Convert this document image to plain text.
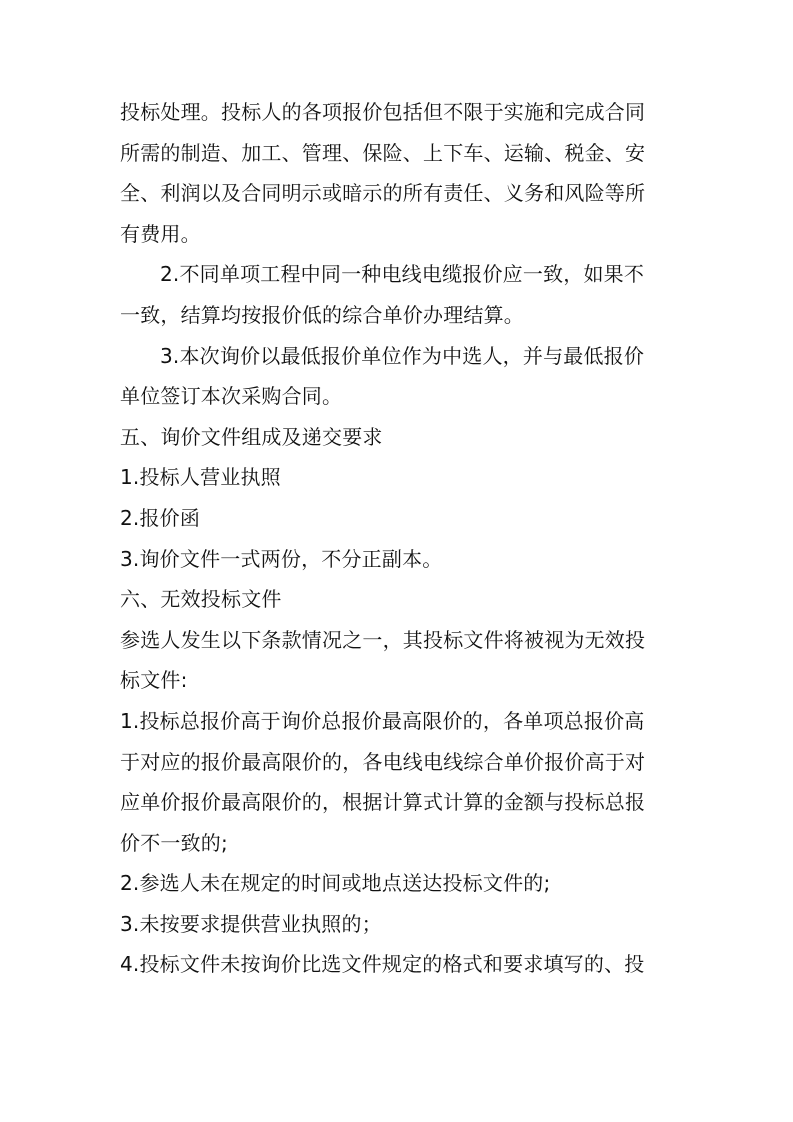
投标处理。投标人的各项报价包括但不限于实施和完成合同
所需的制造、加工、管理、保险、上下车、运输、税金、安
全、利润以及合同明示或暗示的所有责任、义务和风险等所
有费用。
2.不同单项工程中同一种电线电缆报价应一致，如果不
一致，结算均按报价低的综合单价办理结算。
3.本次询价以最低报价单位作为中选人，并与最低报价
单位签订本次采购合同。
五、询价文件组成及递交要求
1.投标人营业执照
2.报价函
3.询价文件一式两份，不分正副本。
六、无效投标文件
参选人发生以下条款情况之一，其投标文件将被视为无效投
标文件:
1.投标总报价高于询价总报价最高限价的，各单项总报价高
于对应的报价最高限价的，各电线电线综合单价报价高于对
应单价报价最高限价的，根据计算式计算的金额与投标总报
价不一致的;
2.参选人未在规定的时间或地点送达投标文件的;
3.未按要求提供营业执照的；
4.投标文件未按询价比选文件规定的格式和要求填写的、投
